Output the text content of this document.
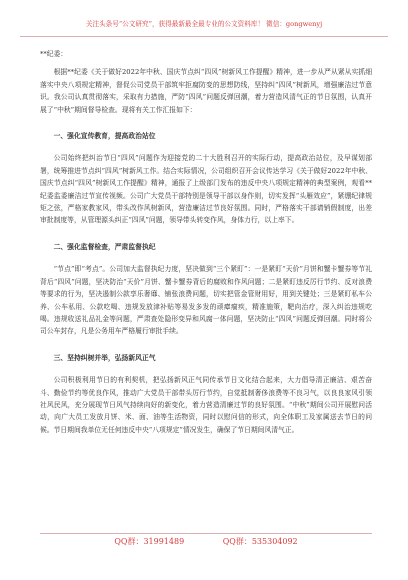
关注头条号“公文研究”，获得最新最全最专业的公文资料库！ 微信：gongwenyj
**纪委：

根据**纪委《关于做好2022年中秋、国庆节点纠“四风”树新风工作提醒》精神，进一步从严从紧从实抓细落实中央八项规定精神，督促公司党员干部筑牢拒腐防变的思想防线，坚持纠“四风”树新风，增强廉洁过节意识。我公司认真贯彻落实，采取有力措施，严防“四风”问题反弹回潮，着力营造风清气正的节日氛围，认真开展了“中秋”期间督导检查。现将有关工作汇报如下：

一、强化宣传教育，提高政治站位

公司始终把纠治节日“四风”问题作为迎接党的二十大胜利召开的实际行动，提高政治站位，及早谋划部署，统筹推进节点纠“四风”树新风工作。结合实际情况，公司组织召开会议传达学习《关于做好2022年中秋、国庆节点纠“四风”树新风工作提醒》精神，通报了上级部门发布的违反中央八项规定精神的典型案例，观看**纪委监委廉洁过节宣传视频。公司广大党员干部特别是领导干部以身作则，切实发挥“头雁效应”，紧绷纪律规矩之弦，严格家教家风，带头改作风树新风，营造廉洁过节良好氛围。同时，严格落实干部请销假制度，出差审批制度等，从管理源头纠正“四风”问题，领导带头转变作风，身体力行，以上率下。

二、强化监督检查，严肃监督执纪

“节点”即“考点”。公司加大监督执纪力度，坚决做到“三个紧盯”：一是紧盯“天价”月饼和蟹卡蟹券等节礼背后“四风”问题，坚决防治“天价”月饼、蟹卡蟹券背后的腐败和作风问题；二是紧盯违反厉行节约、反对浪费等要求的行为，坚决遏制公款享乐奢靡、铺张浪费问题，切实把管金管财用好，用到关键处；三是紧盯私车公养、公车私用、公款吃喝、违规发放津补贴等易发多发的顽瘴痼疾，精准施策，靶向治疗，深入纠治违规吃喝。违规收送礼品礼金等问题，严肃查处隐形变异和风腐一体问题，坚决防止“四风”问题反弹回潮。同时将公司公车封存，凡是公务用车严格履行审批手续。

三、坚持纠树并举，弘扬新风正气

公司积极利用节日的有利契机，把弘扬新风正气同传承节日文化结合起来，大力倡导清正廉洁、艰苦奋斗、勤俭节约等优良作风，推动广大党员干部带头厉行节约，自觉抵制奢侈浪费等不良习气，以良良家风引领社风民风，充分展现节日风气持续向好的新变化，着力营造清廉过节的良好氛围。“中秋”期间公司开展慰问活动，向广大员工发放月饼、米、面、油等生活物资，同时以慰问信的形式，向全体职工及家属送去节日的问候。节日期间我单位无任何违反中央“八项规定”情况发生，确保了节日期间风清气正。

QQ群：31991489	QQ群：535304092
